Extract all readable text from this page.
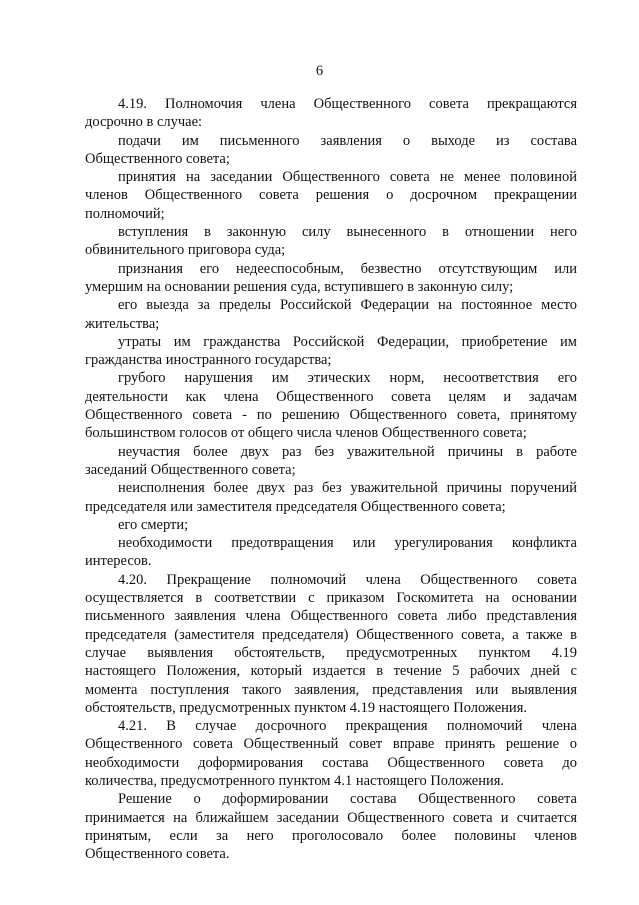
6
4.19. Полномочия члена Общественного совета прекращаются
досрочно в случае:
подачи им письменного заявления о выходе из состава
Общественного совета;
принятия на заседании Общественного совета не менее половиной
членов Общественного совета решения о досрочном прекращении
полномочий;
вступления в законную силу вынесенного в отношении него
обвинительного приговора суда;
признания его недееспособным, безвестно отсутствующим или
умершим на основании решения суда, вступившего в законную силу;
его выезда за пределы Российской Федерации на постоянное место
жительства;
утраты им гражданства Российской Федерации, приобретение им
гражданства иностранного государства;
грубого нарушения им этических норм, несоответствия его
деятельности как члена Общественного совета целям и задачам
Общественного совета - по решению Общественного совета, принятому
большинством голосов от общего числа членов Общественного совета;
неучастия более двух раз без уважительной причины в работе
заседаний Общественного совета;
неисполнения более двух раз без уважительной причины поручений
председателя или заместителя председателя Общественного совета;
его смерти;
необходимости предотвращения или урегулирования конфликта
интересов.
4.20. Прекращение полномочий члена Общественного совета
осуществляется в соответствии с приказом Госкомитета на основании
письменного заявления члена Общественного совета либо представления
председателя (заместителя председателя) Общественного совета, а также в
случае выявления обстоятельств, предусмотренных пунктом 4.19
настоящего Положения, который издается в течение 5 рабочих дней с
момента поступления такого заявления, представления или выявления
обстоятельств, предусмотренных пунктом 4.19 настоящего Положения.
4.21. В случае досрочного прекращения полномочий члена
Общественного совета Общественный совет вправе принять решение о
необходимости доформирования состава Общественного совета до
количества, предусмотренного пунктом 4.1 настоящего Положения.
Решение о доформировании состава Общественного совета
принимается на ближайшем заседании Общественного совета и считается
принятым, если за него проголосовало более половины членов
Общественного совета.
